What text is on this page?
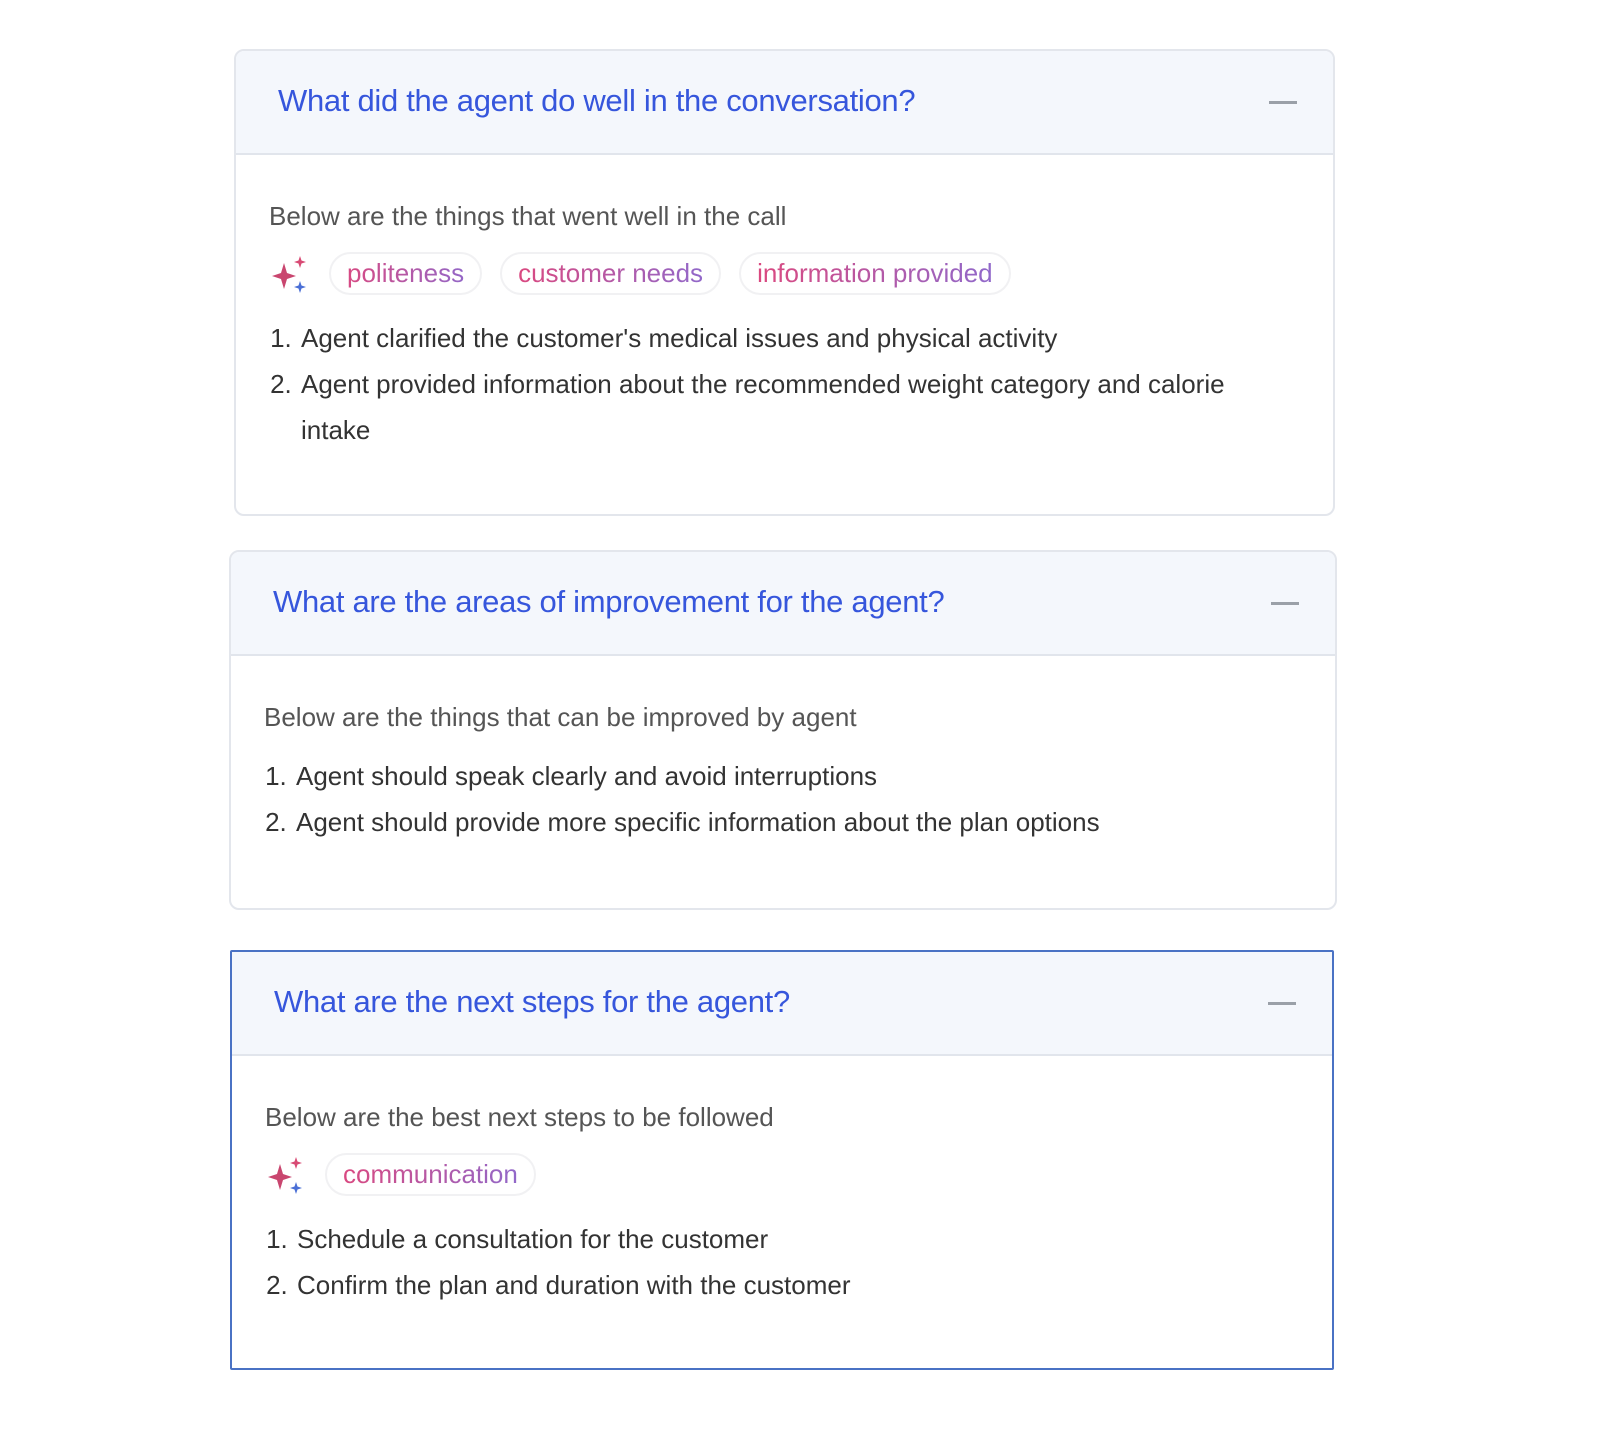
What did the agent do well in the conversation?
Below are the things that went well in the call
politeness	customer needs	information provided
1. Agent clarified the customer's medical issues and physical activity
2. Agent provided information about the recommended weight category and calorie intake
What are the areas of improvement for the agent?
Below are the things that can be improved by agent
1. Agent should speak clearly and avoid interruptions
2. Agent should provide more specific information about the plan options
What are the next steps for the agent?
Below are the best next steps to be followed
communication
1. Schedule a consultation for the customer
2. Confirm the plan and duration with the customer
